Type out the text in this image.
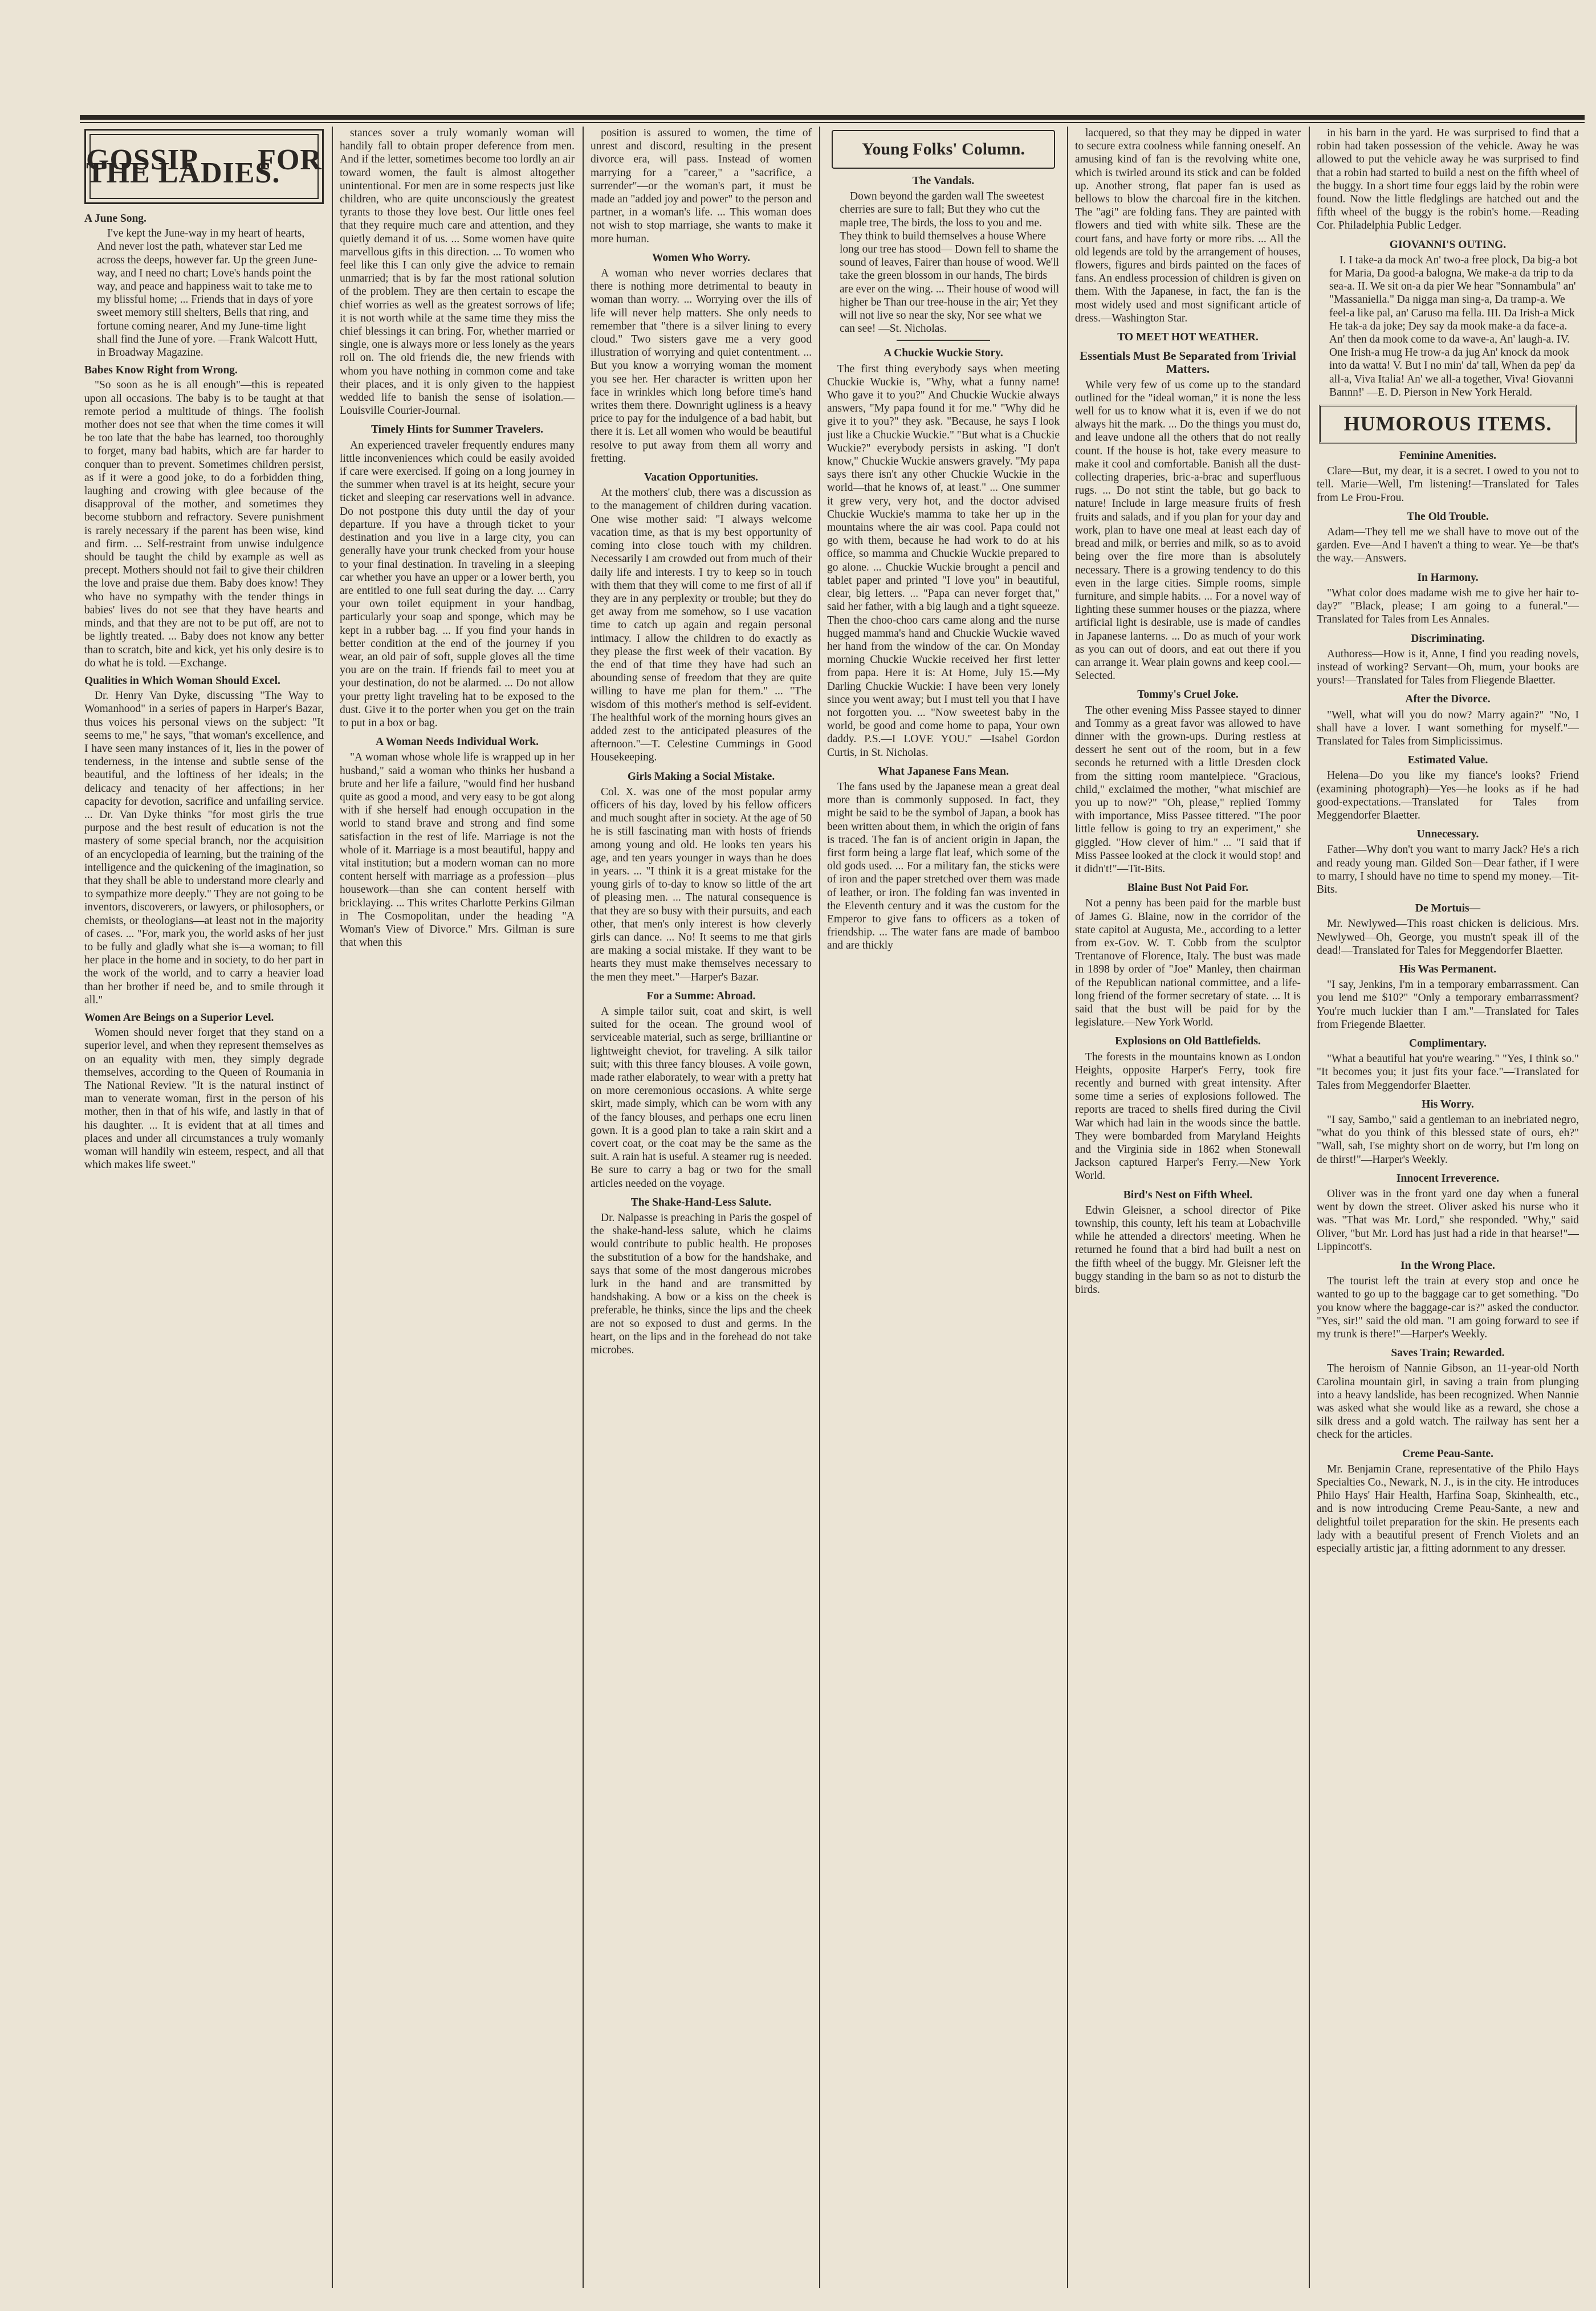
GOSSIP FOR THE LADIES.
A June Song.

I've kept the June-way in my heart of hearts, And never lost the path, whatever star Led me across the deeps, however far. Up the green June-way, and I need no chart; Love's hands point the way, and peace and happiness wait to take me to my blissful home; ... Friends that in days of yore sweet memory still shelters, Bells that ring, and fortune coming nearer, And my June-time light shall find the June of yore. —Frank Walcott Hutt, in Broadway Magazine.

Babes Know Right from Wrong.

"So soon as he is all enough"—this is repeated upon all occasions. The baby is to be taught at that remote period a multitude of things. The foolish mother does not see that when the time comes it will be too late that the babe has learned, too thoroughly to forget, many bad habits, which are far harder to conquer than to prevent. Sometimes children persist, as if it were a good joke, to do a forbidden thing, laughing and crowing with glee because of the disapproval of the mother, and sometimes they become stubborn and refractory. Severe punishment is rarely necessary if the parent has been wise, kind and firm. ... Self-restraint from unwise indulgence should be taught the child by example as well as precept. Mothers should not fail to give their children the love and praise due them. Baby does know! They who have no sympathy with the tender things in babies' lives do not see that they have hearts and minds, and that they are not to be put off, are not to be lightly treated. ... Baby does not know any better than to scratch, bite and kick, yet his only desire is to do what he is told. —Exchange.

Qualities in Which Woman Should Excel.

Dr. Henry Van Dyke, discussing "The Way to Womanhood" in a series of papers in Harper's Bazar, thus voices his personal views on the subject: "It seems to me," he says, "that woman's excellence, and I have seen many instances of it, lies in the power of tenderness, in the intense and subtle sense of the beautiful, and the loftiness of her ideals; in the delicacy and tenacity of her affections; in her capacity for devotion, sacrifice and unfailing service. ... Dr. Van Dyke thinks "for most girls the true purpose and the best result of education is not the mastery of some special branch, nor the acquisition of an encyclopedia of learning, but the training of the intelligence and the quickening of the imagination, so that they shall be able to understand more clearly and to sympathize more deeply." They are not going to be inventors, discoverers, or lawyers, or philosophers, or chemists, or theologians—at least not in the majority of cases. ... "For, mark you, the world asks of her just to be fully and gladly what she is—a woman; to fill her place in the home and in society, to do her part in the work of the world, and to carry a heavier load than her brother if need be, and to smile through it all."

Women Are Beings on a Superior Level.

Women should never forget that they stand on a superior level, and when they represent themselves as on an equality with men, they simply degrade themselves, according to the Queen of Roumania in The National Review. "It is the natural instinct of man to venerate woman, first in the person of his mother, then in that of his wife, and lastly in that of his daughter. ... It is evident that at all times and places and under all circumstances a truly womanly woman will handily win esteem, respect, and all that which makes life sweet."

stances sover a truly womanly woman will handily fall to obtain proper deference from men. And if the letter, sometimes become too lordly an air toward women, the fault is almost altogether unintentional. For men are in some respects just like children, who are quite unconsciously the greatest tyrants to those they love best. Our little ones feel that they require much care and attention, and they quietly demand it of us. ... Some women have quite marvellous gifts in this direction. ... To women who feel like this I can only give the advice to remain unmarried; that is by far the most rational solution of the problem. They are then certain to escape the chief worries as well as the greatest sorrows of life; it is not worth while at the same time they miss the chief blessings it can bring. For, whether married or single, one is always more or less lonely as the years roll on. The old friends die, the new friends with whom you have nothing in common come and take their places, and it is only given to the happiest wedded life to banish the sense of isolation.—Louisville Courier-Journal.

Timely Hints for Summer Travelers.

An experienced traveler frequently endures many little inconveniences which could be easily avoided if care were exercised. If going on a long journey in the summer when travel is at its height, secure your ticket and sleeping car reservations well in advance. Do not postpone this duty until the day of your departure. If you have a through ticket to your destination and you live in a large city, you can generally have your trunk checked from your house to your final destination. In traveling in a sleeping car whether you have an upper or a lower berth, you are entitled to one full seat during the day. ... Carry your own toilet equipment in your handbag, particularly your soap and sponge, which may be kept in a rubber bag. ... If you find your hands in better condition at the end of the journey if you wear, an old pair of soft, supple gloves all the time you are on the train. If friends fail to meet you at your destination, do not be alarmed. ... Do not allow your pretty light traveling hat to be exposed to the dust. Give it to the porter when you get on the train to put in a box or bag.

A Woman Needs Individual Work.

"A woman whose whole life is wrapped up in her husband," said a woman who thinks her husband a brute and her life a failure, "would find her husband quite as good a mood, and very easy to be got along with if she herself had enough occupation in the world to stand brave and strong and find some satisfaction in the rest of life. Marriage is not the whole of it. Marriage is a most beautiful, happy and vital institution; but a modern woman can no more content herself with marriage as a profession—plus housework—than she can content herself with bricklaying. ... This writes Charlotte Perkins Gilman in The Cosmopolitan, under the heading "A Woman's View of Divorce." Mrs. Gilman is sure that when this

position is assured to women, the time of unrest and discord, resulting in the present divorce era, will pass. Instead of women marrying for a "career," a "sacrifice, a surrender"—or the woman's part, it must be made an "added joy and power" to the person and partner, in a woman's life. ... This woman does not wish to stop marriage, she wants to make it more human.

Women Who Worry.

A woman who never worries declares that there is nothing more detrimental to beauty in woman than worry. ... Worrying over the ills of life will never help matters. She only needs to remember that "there is a silver lining to every cloud." Two sisters gave me a very good illustration of worrying and quiet contentment. ... But you know a worrying woman the moment you see her. Her character is written upon her face in wrinkles which long before time's hand writes them there. Downright ugliness is a heavy price to pay for the indulgence of a bad habit, but there it is. Let all women who would be beautiful resolve to put away from them all worry and fretting.

Vacation Opportunities.

At the mothers' club, there was a discussion as to the management of children during vacation. One wise mother said: "I always welcome vacation time, as that is my best opportunity of coming into close touch with my children. Necessarily I am crowded out from much of their daily life and interests. I try to keep so in touch with them that they will come to me first of all if they are in any perplexity or trouble; but they do get away from me somehow, so I use vacation time to catch up again and regain personal intimacy. I allow the children to do exactly as they please the first week of their vacation. By the end of that time they have had such an abounding sense of freedom that they are quite willing to have me plan for them." ... "The wisdom of this mother's method is self-evident. The healthful work of the morning hours gives an added zest to the anticipated pleasures of the afternoon."—T. Celestine Cummings in Good Housekeeping.

Girls Making a Social Mistake.

Col. X. was one of the most popular army officers of his day, loved by his fellow officers and much sought after in society. At the age of 50 he is still fascinating man with hosts of friends among young and old. He looks ten years his age, and ten years younger in ways than he does in years. ... "I think it is a great mistake for the young girls of to-day to know so little of the art of pleasing men. ... The natural consequence is that they are so busy with their pursuits, and each other, that men's only interest is how cleverly girls can dance. ... No! It seems to me that girls are making a social mistake. If they want to be hearts they must make themselves necessary to the men they meet."—Harper's Bazar.

For a Summe: Abroad.

A simple tailor suit, coat and skirt, is well suited for the ocean. The ground wool of serviceable material, such as serge, brilliantine or lightweight cheviot, for traveling. A silk tailor suit; with this three fancy blouses. A voile gown, made rather elaborately, to wear with a pretty hat on more ceremonious occasions. A white serge skirt, made simply, which can be worn with any of the fancy blouses, and perhaps one ecru linen gown. It is a good plan to take a rain skirt and a covert coat, or the coat may be the same as the suit. A rain hat is useful. A steamer rug is needed. Be sure to carry a bag or two for the small articles needed on the voyage.

The Shake-Hand-Less Salute.

Dr. Nalpasse is preaching in Paris the gospel of the shake-hand-less salute, which he claims would contribute to public health. He proposes the substitution of a bow for the handshake, and says that some of the most dangerous microbes lurk in the hand and are transmitted by handshaking. A bow or a kiss on the cheek is preferable, he thinks, since the lips and the cheek are not so exposed to dust and germs. In the heart, on the lips and in the forehead do not take microbes.

Young Folks' Column.
The Vandals.

Down beyond the garden wall The sweetest cherries are sure to fall; But they who cut the maple tree, The birds, the loss to you and me. They think to build themselves a house Where long our tree has stood— Down fell to shame the sound of leaves, Fairer than house of wood. We'll take the green blossom in our hands, The birds are ever on the wing. ... Their house of wood will higher be Than our tree-house in the air; Yet they will not live so near the sky, Nor see what we can see! —St. Nicholas.

A Chuckie Wuckie Story.

The first thing everybody says when meeting Chuckie Wuckie is, "Why, what a funny name! Who gave it to you?" And Chuckie Wuckie always answers, "My papa found it for me." "Why did he give it to you?" they ask. "Because, he says I look just like a Chuckie Wuckie." "But what is a Chuckie Wuckie?" everybody persists in asking. "I don't know," Chuckie Wuckie answers gravely. "My papa says there isn't any other Chuckie Wuckie in the world—that he knows of, at least." ... One summer it grew very, very hot, and the doctor advised Chuckie Wuckie's mamma to take her up in the mountains where the air was cool. Papa could not go with them, because he had work to do at his office, so mamma and Chuckie Wuckie prepared to go alone. ... Chuckie Wuckie brought a pencil and tablet paper and printed "I love you" in beautiful, clear, big letters. ... "Papa can never forget that," said her father, with a big laugh and a tight squeeze. Then the choo-choo cars came along and the nurse hugged mamma's hand and Chuckie Wuckie waved her hand from the window of the car. On Monday morning Chuckie Wuckie received her first letter from papa. Here it is: At Home, July 15.—My Darling Chuckie Wuckie: I have been very lonely since you went away; but I must tell you that I have not forgotten you. ... "Now sweetest baby in the world, be good and come home to papa, Your own daddy. P.S.—I LOVE YOU." —Isabel Gordon Curtis, in St. Nicholas.

What Japanese Fans Mean.

The fans used by the Japanese mean a great deal more than is commonly supposed. In fact, they might be said to be the symbol of Japan, a book has been written about them, in which the origin of fans is traced. The fan is of ancient origin in Japan, the first form being a large flat leaf, which some of the old gods used. ... For a military fan, the sticks were of iron and the paper stretched over them was made of leather, or iron. The folding fan was invented in the Eleventh century and it was the custom for the Emperor to give fans to officers as a token of friendship. ... The water fans are made of bamboo and are thickly

lacquered, so that they may be dipped in water to secure extra coolness while fanning oneself. An amusing kind of fan is the revolving white one, which is twirled around its stick and can be folded up. Another strong, flat paper fan is used as bellows to blow the charcoal fire in the kitchen. The "agi" are folding fans. They are painted with flowers and tied with white silk. These are the court fans, and have forty or more ribs. ... All the old legends are told by the arrangement of houses, flowers, figures and birds painted on the faces of fans. An endless procession of children is given on them. With the Japanese, in fact, the fan is the most widely used and most significant article of dress.—Washington Star.

TO MEET HOT WEATHER.
Essentials Must Be Separated from Trivial Matters.

While very few of us come up to the standard outlined for the "ideal woman," it is none the less well for us to know what it is, even if we do not always hit the mark. ... Do the things you must do, and leave undone all the others that do not really count. If the house is hot, take every measure to make it cool and comfortable. Banish all the dust-collecting draperies, bric-a-brac and superfluous rugs. ... Do not stint the table, but go back to nature! Include in large measure fruits of fresh fruits and salads, and if you plan for your day and work, plan to have one meal at least each day of bread and milk, or berries and milk, so as to avoid being over the fire more than is absolutely necessary. There is a growing tendency to do this even in the large cities. Simple rooms, simple furniture, and simple habits. ... For a novel way of lighting these summer houses or the piazza, where artificial light is desirable, use is made of candles in Japanese lanterns. ... Do as much of your work as you can out of doors, and eat out there if you can arrange it. Wear plain gowns and keep cool.—Selected.

Tommy's Cruel Joke.

The other evening Miss Passee stayed to dinner and Tommy as a great favor was allowed to have dinner with the grown-ups. During restless at dessert he sent out of the room, but in a few seconds he returned with a little Dresden clock from the sitting room mantelpiece. "Gracious, child," exclaimed the mother, "what mischief are you up to now?" "Oh, please," replied Tommy with importance, Miss Passee tittered. "The poor little fellow is going to try an experiment," she giggled. "How clever of him." ... "I said that if Miss Passee looked at the clock it would stop! and it didn't!"—Tit-Bits.

Blaine Bust Not Paid For.

Not a penny has been paid for the marble bust of James G. Blaine, now in the corridor of the state capitol at Augusta, Me., according to a letter from ex-Gov. W. T. Cobb from the sculptor Trentanove of Florence, Italy. The bust was made in 1898 by order of "Joe" Manley, then chairman of the Republican national committee, and a life-long friend of the former secretary of state. ... It is said that the bust will be paid for by the legislature.—New York World.

Explosions on Old Battlefields.

The forests in the mountains known as London Heights, opposite Harper's Ferry, took fire recently and burned with great intensity. After some time a series of explosions followed. The reports are traced to shells fired during the Civil War which had lain in the woods since the battle. They were bombarded from Maryland Heights and the Virginia side in 1862 when Stonewall Jackson captured Harper's Ferry.—New York World.

Bird's Nest on Fifth Wheel.

Edwin Gleisner, a school director of Pike township, this county, left his team at Lobachville while he attended a directors' meeting. When he returned he found that a bird had built a nest on the fifth wheel of the buggy. Mr. Gleisner left the buggy standing in the barn so as not to disturb the birds.

in his barn in the yard. He was surprised to find that a robin had taken possession of the vehicle. Away he was allowed to put the vehicle away he was surprised to find that a robin had started to build a nest on the fifth wheel of the buggy. In a short time four eggs laid by the robin were found. Now the little fledglings are hatched out and the fifth wheel of the buggy is the robin's home.—Reading Cor. Philadelphia Public Ledger.

GIOVANNI'S OUTING.

I. I take-a da mock An' two-a free plock, Da big-a bot for Maria, Da good-a balogna, We make-a da trip to da sea-a. II. We sit on-a da pier We hear "Sonnambula" an' "Massaniella." Da nigga man sing-a, Da tramp-a. We feel-a like pal, an' Caruso ma fella. III. Da Irish-a Mick He tak-a da joke; Dey say da mook make-a da face-a. An' then da mook come to da wave-a, An' laugh-a. IV. One Irish-a mug He trow-a da jug An' knock da mook into da watta! V. But I no min' da' tall, When da pep' da all-a, Viva Italia! An' we all-a together, Viva! Giovanni Bannn!' —E. D. Pierson in New York Herald.

HUMOROUS ITEMS.
Feminine Amenities.

Clare—But, my dear, it is a secret. I owed to you not to tell. Marie—Well, I'm listening!—Translated for Tales from Le Frou-Frou.

The Old Trouble.

Adam—They tell me we shall have to move out of the garden. Eve—And I haven't a thing to wear. Ye—be that's the way.—Answers.

In Harmony.

"What color does madame wish me to give her hair to-day?" "Black, please; I am going to a funeral."—Translated for Tales from Les Annales.

Discriminating.

Authoress—How is it, Anne, I find you reading novels, instead of working? Servant—Oh, mum, your books are yours!—Translated for Tales from Fliegende Blaetter.

After the Divorce.

"Well, what will you do now? Marry again?" "No, I shall have a lover. I want something for myself."—Translated for Tales from Simplicissimus.

Estimated Value.

Helena—Do you like my fiance's looks? Friend (examining photograph)—Yes—he looks as if he had good-expectations.—Translated for Tales from Meggendorfer Blaetter.

Unnecessary.

Father—Why don't you want to marry Jack? He's a rich and ready young man. Gilded Son—Dear father, if I were to marry, I should have no time to spend my money.—Tit-Bits.

De Mortuis—

Mr. Newlywed—This roast chicken is delicious. Mrs. Newlywed—Oh, George, you mustn't speak ill of the dead!—Translated for Tales for Meggendorfer Blaetter.

His Was Permanent.

"I say, Jenkins, I'm in a temporary embarrassment. Can you lend me $10?" "Only a temporary embarrassment? You're much luckier than I am."—Translated for Tales from Friegende Blaetter.

Complimentary.

"What a beautiful hat you're wearing." "Yes, I think so." "It becomes you; it just fits your face."—Translated for Tales from Meggendorfer Blaetter.

His Worry.

"I say, Sambo," said a gentleman to an inebriated negro, "what do you think of this blessed state of ours, eh?" "Wall, sah, I'se mighty short on de worry, but I'm long on de thirst!"—Harper's Weekly.

Innocent Irreverence.

Oliver was in the front yard one day when a funeral went by down the street. Oliver asked his nurse who it was. "That was Mr. Lord," she responded. "Why," said Oliver, "but Mr. Lord has just had a ride in that hearse!"—Lippincott's.

In the Wrong Place.

The tourist left the train at every stop and once he wanted to go up to the baggage car to get something. "Do you know where the baggage-car is?" asked the conductor. "Yes, sir!" said the old man. "I am going forward to see if my trunk is there!"—Harper's Weekly.

Saves Train; Rewarded.

The heroism of Nannie Gibson, an 11-year-old North Carolina mountain girl, in saving a train from plunging into a heavy landslide, has been recognized. When Nannie was asked what she would like as a reward, she chose a silk dress and a gold watch. The railway has sent her a check for the articles.

Creme Peau-Sante.

Mr. Benjamin Crane, representative of the Philo Hays Specialties Co., Newark, N. J., is in the city. He introduces Philo Hays' Hair Health, Harfina Soap, Skinhealth, etc., and is now introducing Creme Peau-Sante, a new and delightful toilet preparation for the skin. He presents each lady with a beautiful present of French Violets and an especially artistic jar, a fitting adornment to any dresser.
